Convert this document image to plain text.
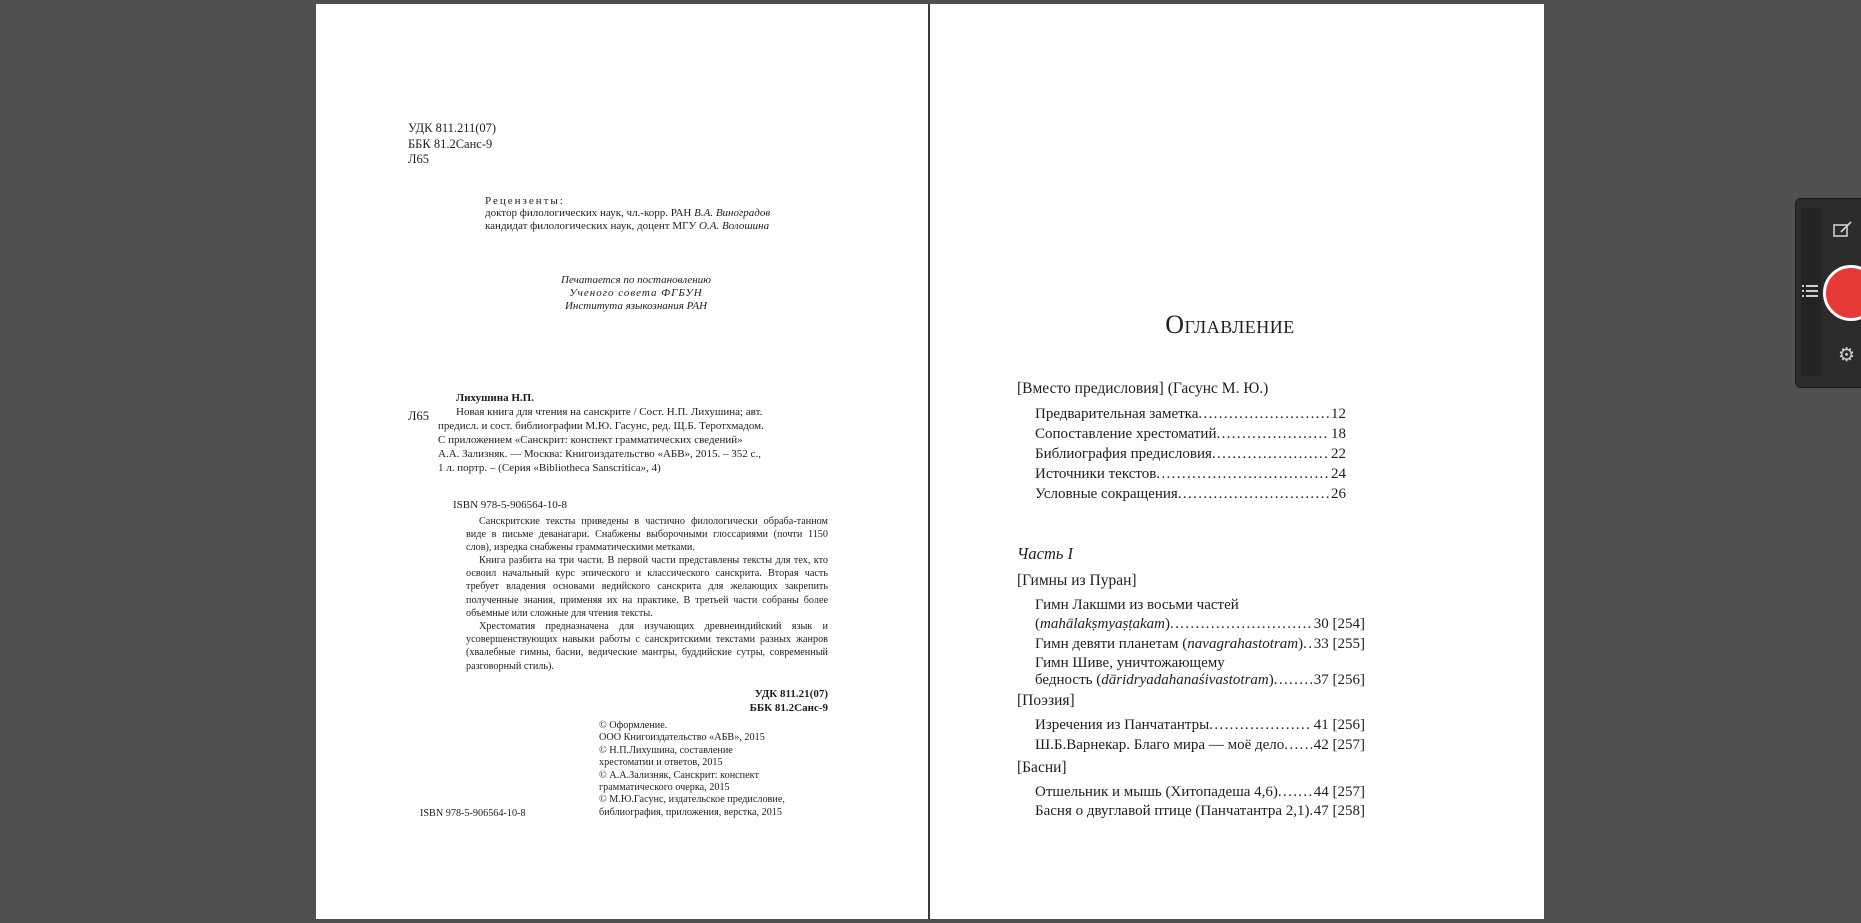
УДК 811.211(07)
ББК 81.2Санс-9
Л65
Рецензенты:
доктор филологических наук, чл.-корр. РАН В.А. Виноградов
кандидат филологических наук, доцент МГУ О.А. Волошина
Печатается по постановлению
Ученого совета ФГБУН
Института языкознания РАН
Лихушина Н.П.
Л65 Новая книга для чтения на санскрите / Сост. Н.П. Лихушина; авт.
предисл. и сост. библиографии М.Ю. Гасунс, ред. Щ.Б. Теротхмадом.
С приложением «Санскрит: конспект грамматических сведений»
А.А. Зализняк. — Москва: Книгоиздательство «АБВ», 2015. – 352 с.,
1 л. портр. – (Серия «Bibliotheca Sanscritica», 4)
ISBN 978-5-906564-10-8
Санскритские тексты приведены в частично филологически обраба-танном виде в письме деванагари. Снабжены выборочными глоссариями (почти 1150 слов), изредка снабжены грамматическими метками.
Книга разбита на три части. В первой части представлены тексты для тех, кто освоил начальный курс эпического и классического санскрита. Вторая часть требует владения основами ведийского санскрита для желающих закрепить полученные знания, применяя их на практике. В третьей части собраны более объемные или сложные для чтения тексты.
Хрестоматия предназначена для изучающих древнеиндийский язык и усовершенствующих навыки работы с санскритскими текстами разных жанров (хвалебные гимны, басни, ведические мантры, буддийские сутры, современный разговорный стиль).
УДК 811.21(07)
ББК 81.2Санс-9
© Оформление.
ООО Книгоиздательство «АБВ», 2015
© Н.П.Лихушина, составление
хрестоматии и ответов, 2015
© А.А.Зализняк, Санскрит: конспект
грамматического очерка, 2015
© М.Ю.Гасунс, издательское предисловие,
библиография, приложения, верстка, 2015
ISBN 978-5-906564-10-8
Оглавление
[Вместо предисловия] (Гасунс М. Ю.)
Предварительная заметка . . .	12
Сопоставление хрестоматий . . .	18
Библиография предисловия . . .	22
Источники текстов . . .	24
Условные сокращения . . .	26
Часть I
[Гимны из Пуран]
Гимн Лакшми из восьми частей
(mahālakṣmyaṣṭakam) . . .	30 [254]
Гимн девяти планетам (navagrahastotram) . . . 33 [255]
Гимн Шиве, уничтожающему
бедность (dāridryadahanaśivastotram) . . .	37 [256]
[Поэзия]
Изречения из Панчатантры . . .	41 [256]
Ш.Б.Варнекар. Благо мира — моё дело . . . 42 [257]
[Басни]
Отшельник и мышь (Хитопадеша 4,6) . . . 44 [257]
Басня о двуглавой птице (Панчатантра 2,1) . . . 47 [258]
⚙
